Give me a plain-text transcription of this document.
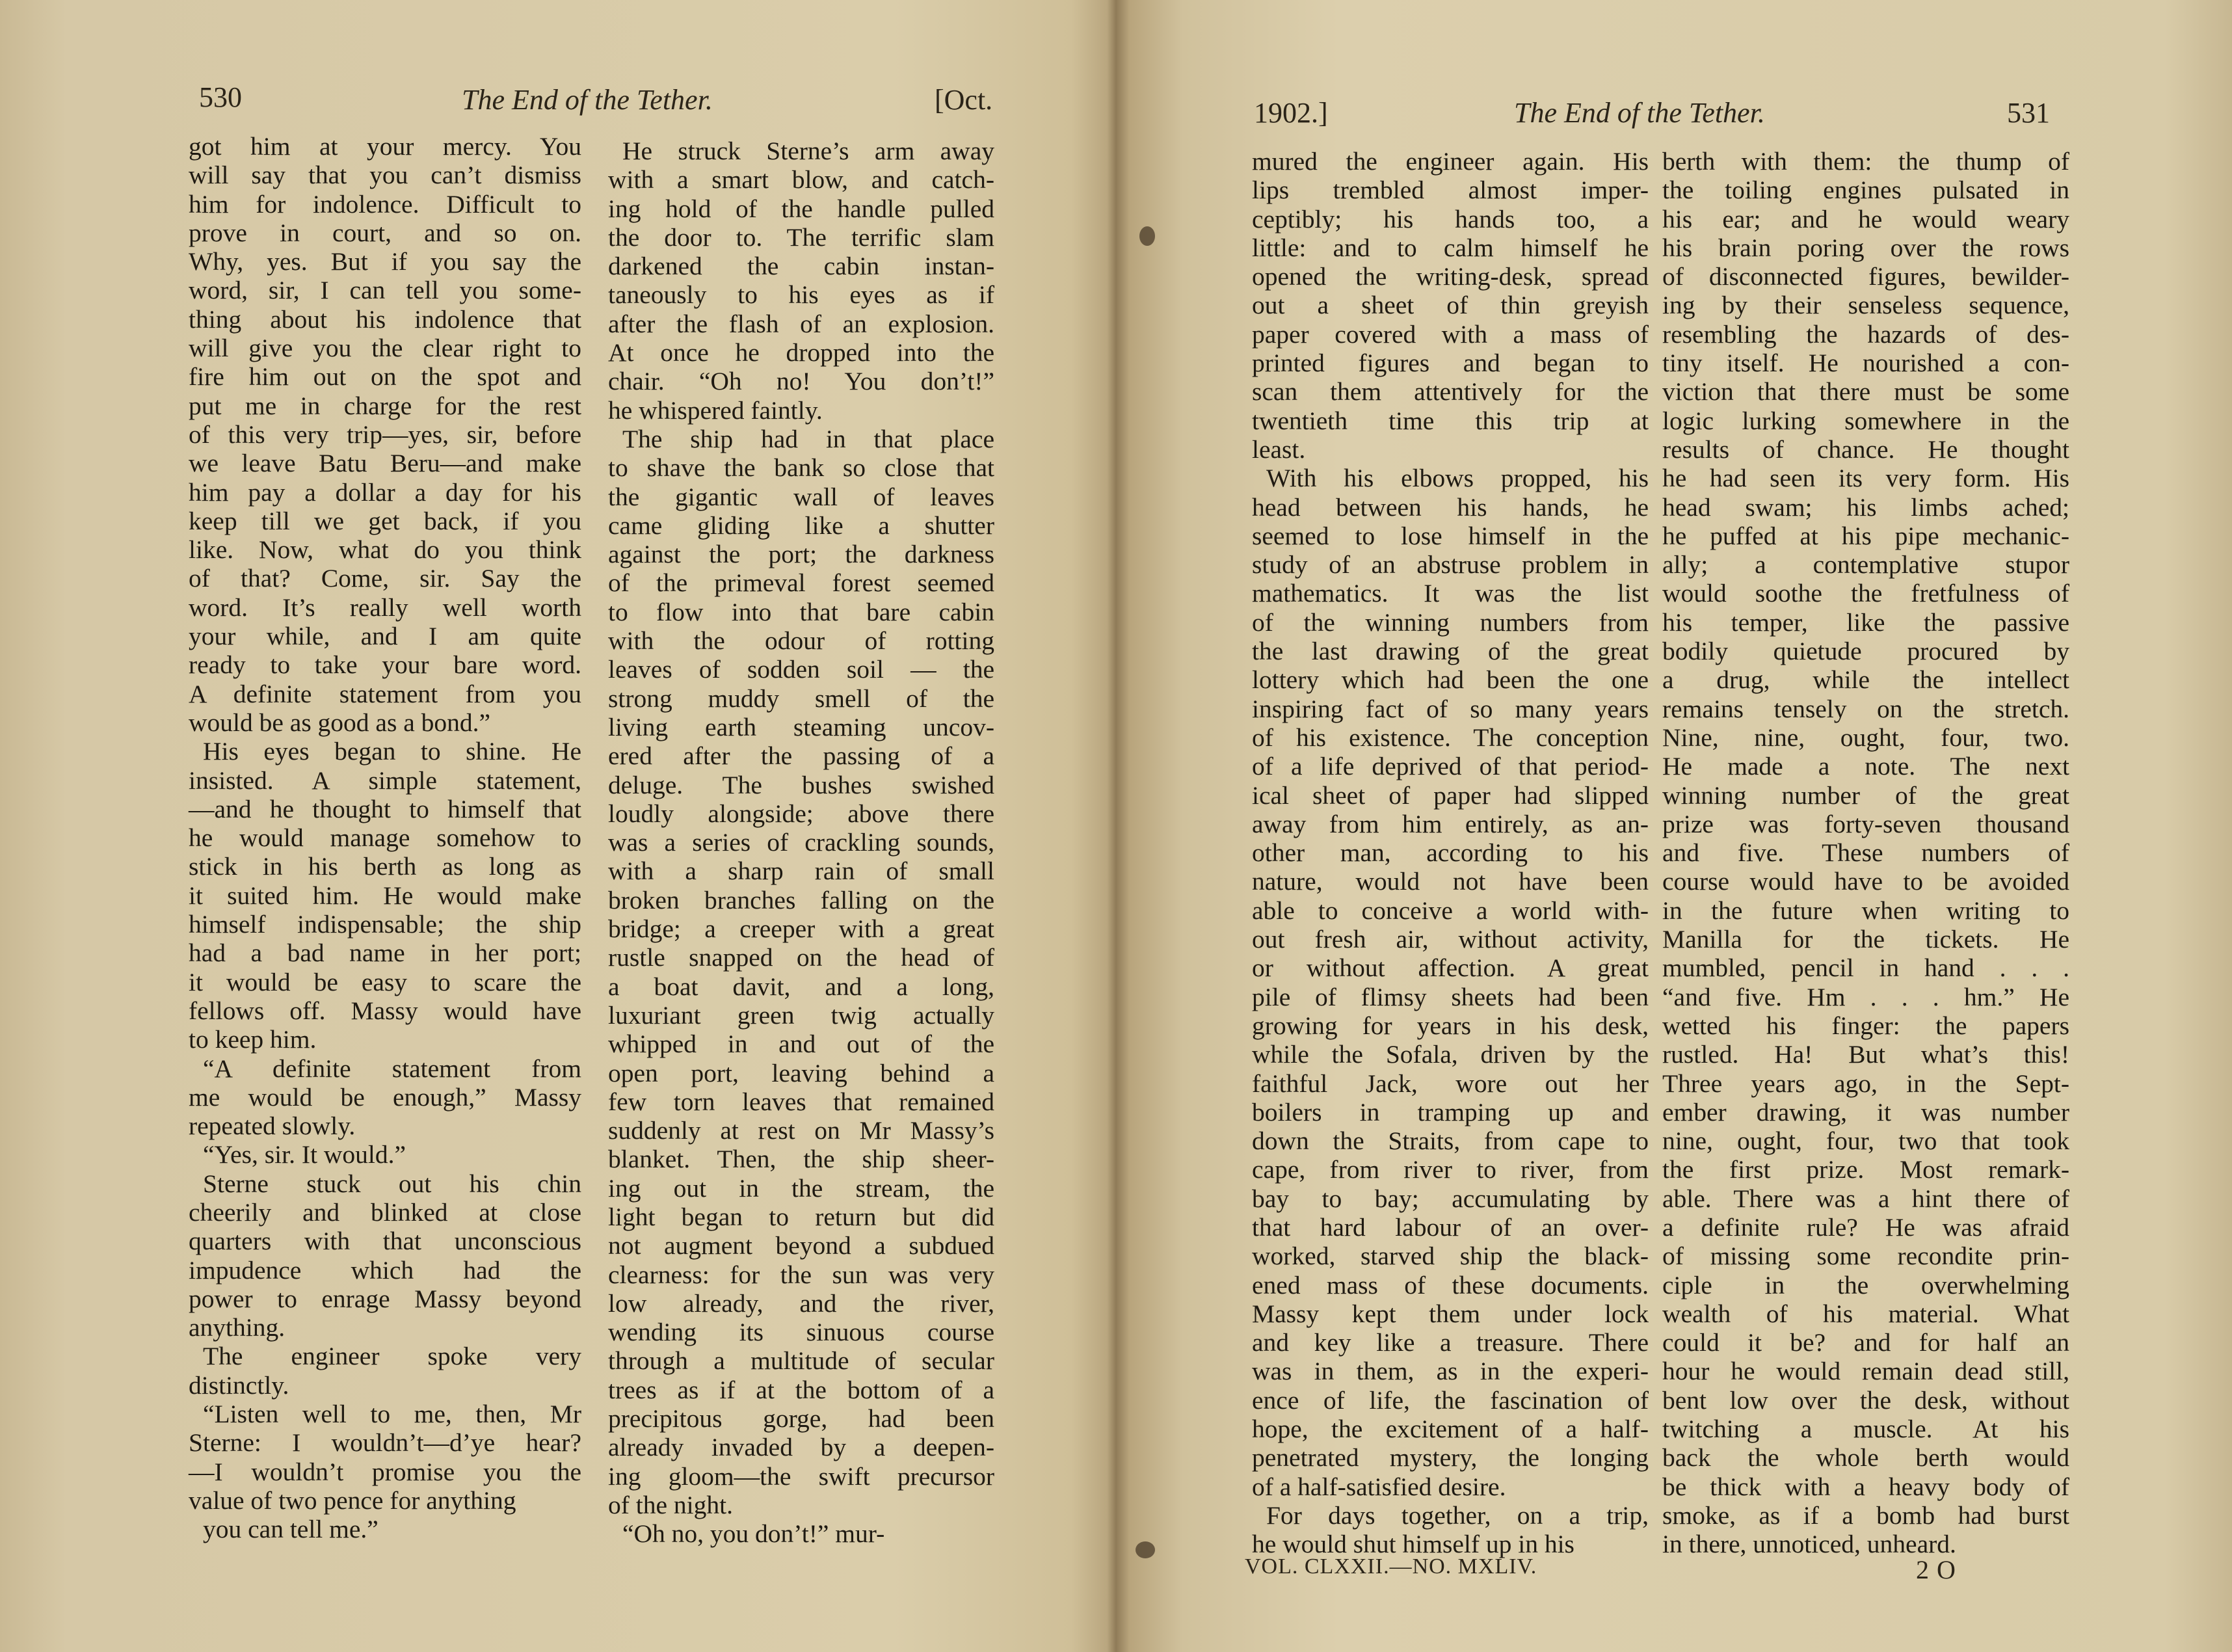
530	The End of the Tether.	[Oct.

got him at your mercy. You

will say that you can’t dismiss

him for indolence. Difficult to

prove in court, and so on.

Why, yes. But if you say the

word, sir, I can tell you some-

thing about his indolence that

will give you the clear right to

fire him out on the spot and

put me in charge for the rest

of this very trip—yes, sir, before

we leave Batu Beru—and make

him pay a dollar a day for his

keep till we get back, if you

like. Now, what do you think

of that? Come, sir. Say the

word. It’s really well worth

your while, and I am quite

ready to take your bare word.

A definite statement from you

would be as good as a bond.”

His eyes began to shine. He

insisted. A simple statement,

—and he thought to himself that

he would manage somehow to

stick in his berth as long as

it suited him. He would make

himself indispensable; the ship

had a bad name in her port;

it would be easy to scare the

fellows off. Massy would have

to keep him.

“A definite statement from

me would be enough,” Massy

repeated slowly.

“Yes, sir. It would.”

Sterne stuck out his chin

cheerily and blinked at close

quarters with that unconscious

impudence which had the

power to enrage Massy beyond

anything.

The engineer spoke very

distinctly.

“Listen well to me, then, Mr

Sterne: I wouldn’t—d’ye hear?

—I wouldn’t promise you the

value of two pence for anything

you can tell me.”

He struck Sterne’s arm away

with a smart blow, and catch-

ing hold of the handle pulled

the door to. The terrific slam

darkened the cabin instan-

taneously to his eyes as if

after the flash of an explosion.

At once he dropped into the

chair. “Oh no! You don’t!”

he whispered faintly.

The ship had in that place

to shave the bank so close that

the gigantic wall of leaves

came gliding like a shutter

against the port; the darkness

of the primeval forest seemed

to flow into that bare cabin

with the odour of rotting

leaves of sodden soil — the

strong muddy smell of the

living earth steaming uncov-

ered after the passing of a

deluge. The bushes swished

loudly alongside; above there

was a series of crackling sounds,

with a sharp rain of small

broken branches falling on the

bridge; a creeper with a great

rustle snapped on the head of

a boat davit, and a long,

luxuriant green twig actually

whipped in and out of the

open port, leaving behind a

few torn leaves that remained

suddenly at rest on Mr Massy’s

blanket. Then, the ship sheer-

ing out in the stream, the

light began to return but did

not augment beyond a subdued

clearness: for the sun was very

low already, and the river,

wending its sinuous course

through a multitude of secular

trees as if at the bottom of a

precipitous gorge, had been

already invaded by a deepen-

ing gloom—the swift precursor

of the night.

“Oh no, you don’t!” mur-

1902.]	The End of the Tether.	531

mured the engineer again. His

lips trembled almost imper-

ceptibly; his hands too, a

little: and to calm himself he

opened the writing-desk, spread

out a sheet of thin greyish

paper covered with a mass of

printed figures and began to

scan them attentively for the

twentieth time this trip at

least.

With his elbows propped, his

head between his hands, he

seemed to lose himself in the

study of an abstruse problem in

mathematics. It was the list

of the winning numbers from

the last drawing of the great

lottery which had been the one

inspiring fact of so many years

of his existence. The conception

of a life deprived of that period-

ical sheet of paper had slipped

away from him entirely, as an-

other man, according to his

nature, would not have been

able to conceive a world with-

out fresh air, without activity,

or without affection. A great

pile of flimsy sheets had been

growing for years in his desk,

while the Sofala, driven by the

faithful Jack, wore out her

boilers in tramping up and

down the Straits, from cape to

cape, from river to river, from

bay to bay; accumulating by

that hard labour of an over-

worked, starved ship the black-

ened mass of these documents.

Massy kept them under lock

and key like a treasure. There

was in them, as in the experi-

ence of life, the fascination of

hope, the excitement of a half-

penetrated mystery, the longing

of a half-satisfied desire.

For days together, on a trip,

he would shut himself up in his

berth with them: the thump of

the toiling engines pulsated in

his ear; and he would weary

his brain poring over the rows

of disconnected figures, bewilder-

ing by their senseless sequence,

resembling the hazards of des-

tiny itself. He nourished a con-

viction that there must be some

logic lurking somewhere in the

results of chance. He thought

he had seen its very form. His

head swam; his limbs ached;

he puffed at his pipe mechanic-

ally; a contemplative stupor

would soothe the fretfulness of

his temper, like the passive

bodily quietude procured by

a drug, while the intellect

remains tensely on the stretch.

Nine, nine, ought, four, two.

He made a note. The next

winning number of the great

prize was forty-seven thousand

and five. These numbers of

course would have to be avoided

in the future when writing to

Manilla for the tickets. He

mumbled, pencil in hand . . .

“and five. Hm . . . hm.” He

wetted his finger: the papers

rustled. Ha! But what’s this!

Three years ago, in the Sept-

ember drawing, it was number

nine, ought, four, two that took

the first prize. Most remark-

able. There was a hint there of

a definite rule? He was afraid

of missing some recondite prin-

ciple in the overwhelming

wealth of his material. What

could it be? and for half an

hour he would remain dead still,

bent low over the desk, without

twitching a muscle. At his

back the whole berth would

be thick with a heavy body of

smoke, as if a bomb had burst

in there, unnoticed, unheard.

VOL. CLXXII.—NO. MXLIV.	2 O
